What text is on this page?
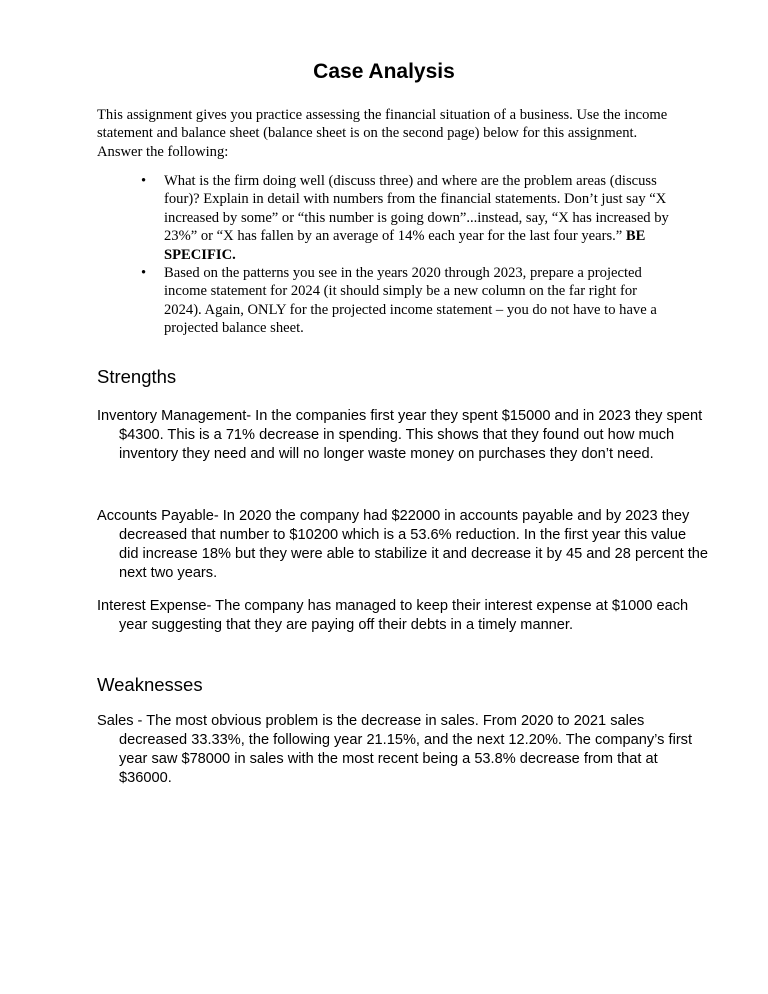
Case Analysis

This assignment gives you practice assessing the financial situation of a business. Use the income statement and balance sheet (balance sheet is on the second page) below for this assignment. Answer the following:

• What is the firm doing well (discuss three) and where are the problem areas (discuss four)? Explain in detail with numbers from the financial statements. Don’t just say “X increased by some” or “this number is going down”...instead, say, “X has increased by 23%” or “X has fallen by an average of 14% each year for the last four years.” BE SPECIFIC.
• Based on the patterns you see in the years 2020 through 2023, prepare a projected income statement for 2024 (it should simply be a new column on the far right for 2024). Again, ONLY for the projected income statement – you do not have to have a projected balance sheet.
Strengths

Inventory Management- In the companies first year they spent $15000 and in 2023 they spent $4300. This is a 71% decrease in spending. This shows that they found out how much inventory they need and will no longer waste money on purchases they don’t need.

Accounts Payable- In 2020 the company had $22000 in accounts payable and by 2023 they decreased that number to $10200 which is a 53.6% reduction. In the first year this value did increase 18% but they were able to stabilize it and decrease it by 45 and 28 percent the next two years.

Interest Expense- The company has managed to keep their interest expense at $1000 each year suggesting that they are paying off their debts in a timely manner.

Weaknesses

Sales - The most obvious problem is the decrease in sales. From 2020 to 2021 sales decreased 33.33%, the following year 21.15%, and the next 12.20%. The company’s first year saw $78000 in sales with the most recent being a 53.8% decrease from that at $36000.
